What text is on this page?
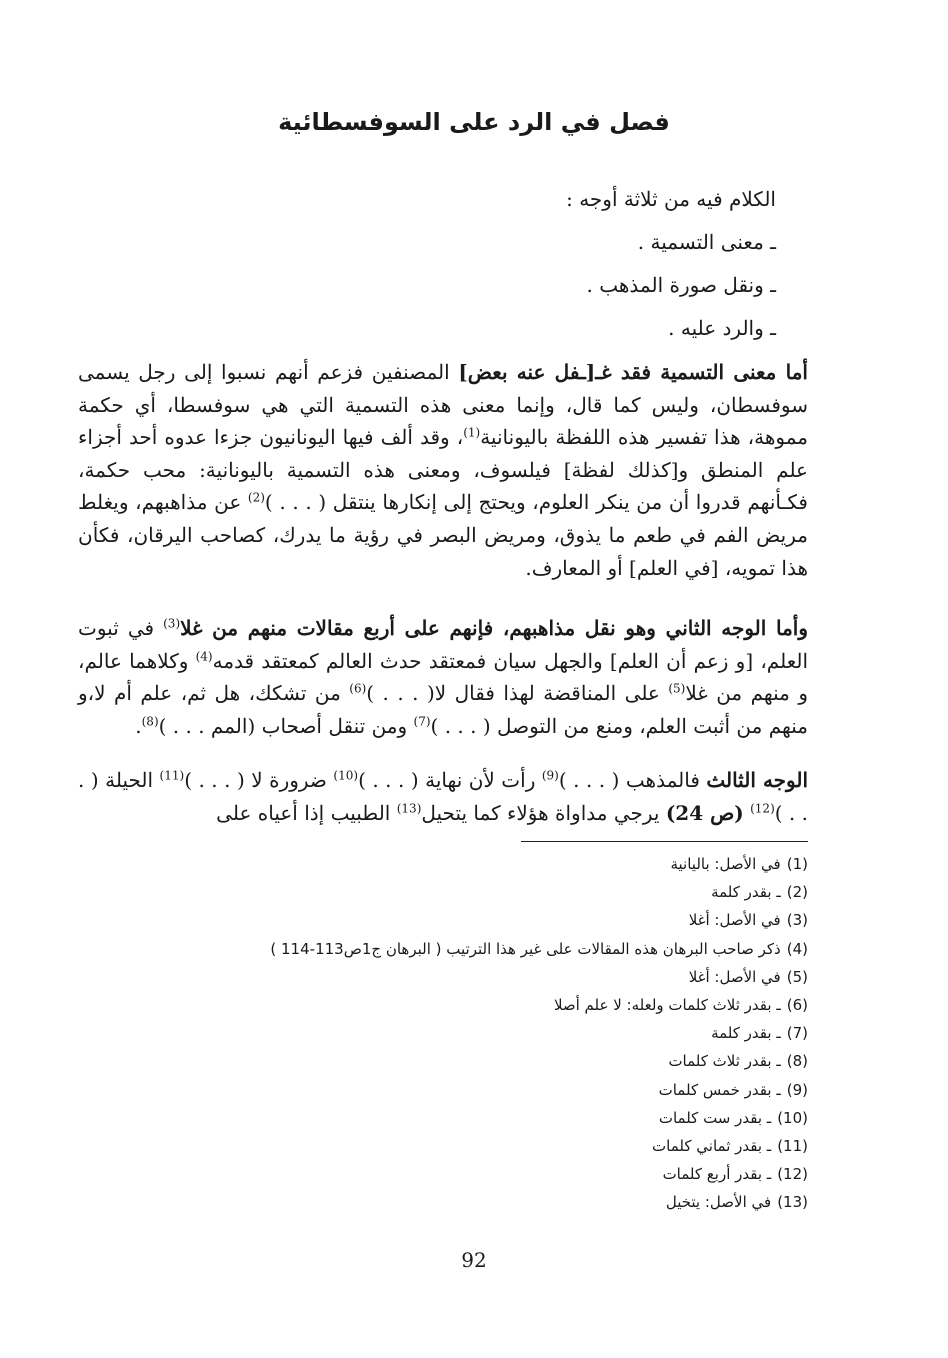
فصل في الرد على السوفسطائية

الكلام فيه من ثلاثة أوجه :

ـ معنى التسمية .

ـ ونقل صورة المذهب .

ـ والرد عليه .

أما معنى التسمية فقد غـ[ـفل عنه بعض] المصنفين فزعم أنهم نسبوا إلى رجل يسمى سوفسطان، وليس كما قال، وإنما معنى هذه التسمية التي هي سوفسطا، أي حكمة مموهة، هذا تفسير هذه اللفظة باليونانية$^{(1)}$، وقد ألف فيها اليونانيون جزءا عدوه أحد أجزاء علم المنطق و[كذلك لفظة] فيلسوف، ومعنى هذه التسمية باليونانية: محب حكمة، فكـأنهم قدروا أن من ينكر العلوم، ويحتج إلى إنكارها ينتقل ( . . . )$^{(2)}$ عن مذاهبهم، ويغلط مريض الفم في طعم ما يذوق، ومريض البصر في رؤية ما يدرك، كصاحب اليرقان، فكأن هذا تمويه، [في العلم] أو المعارف.

وأما الوجه الثاني وهو نقل مذاهبهم، فإنهم على أربع مقالات منهم من غلا$^{(3)}$ في ثبوت العلم، [و زعم أن العلم] والجهل سيان فمعتقد حدث العالم كمعتقد قدمه$^{(4)}$ وكلاهما عالم، و منهم من غلا$^{(5)}$ على المناقضة لهذا فقال لا( . . . )$^{(6)}$ من تشكك، هل ثم، علم أم لا،و منهم من أثبت العلم، ومنع من التوصل ( . . . )$^{(7)}$ ومن تنقل أصحاب (المم . . . )$^{(8)}$.

الوجه الثالث فالمذهب ( . . . )$^{(9)}$ رأت لأن نهاية ( . . . )$^{(10)}$ ضرورة لا ( . . . )$^{(11)}$ الحيلة ( . . . )$^{(12)}$ (ص 24) يرجي مداواة هؤلاء كما يتحيل$^{(13)}$ الطبيب إذا أعياه على

(1)في الأصل: باليانية
(2)ـ بقدر كلمة
(3)في الأصل: أغلا
(4)ذكر صاحب البرهان هذه المقالات على غير هذا الترتيب ( البرهان ج1ص113-114 )
(5)في الأصل: أغلا
(6)ـ بقدر ثلاث كلمات ولعله: لا علم أصلا
(7)ـ بقدر كلمة
(8)ـ بقدر ثلاث كلمات
(9)ـ بقدر خمس كلمات
(10)ـ بقدر ست كلمات
(11)ـ بقدر ثماني كلمات
(12)ـ بقدر أربع كلمات
(13)في الأصل: يتخيل
92
